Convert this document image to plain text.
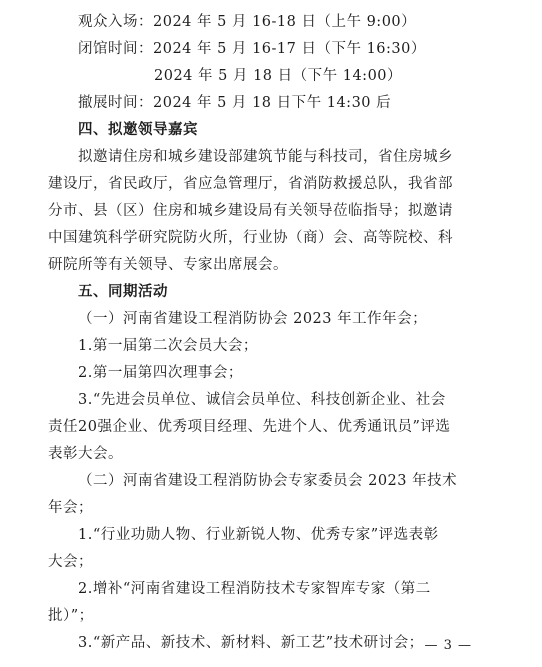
观众入场：2024 年 5 月 16-18 日（上午 9:00）
闭馆时间：2024 年 5 月 16-17 日（下午 16:30）
2024 年 5 月 18 日（下午 14:00）
撤展时间：2024 年 5 月 18 日下午 14:30 后
四、拟邀领导嘉宾
拟邀请住房和城乡建设部建筑节能与科技司，省住房城乡
建设厅，省民政厅，省应急管理厅，省消防救援总队，我省部
分市、县（区）住房和城乡建设局有关领导莅临指导；拟邀请
中国建筑科学研究院防火所，行业协（商）会、高等院校、科
研院所等有关领导、专家出席展会。
五、同期活动
（一）河南省建设工程消防协会 2023 年工作年会；
1.第一届第二次会员大会；
2.第一届第四次理事会；
3.“先进会员单位、诚信会员单位、科技创新企业、社会
责任20强企业、优秀项目经理、先进个人、优秀通讯员”评选
表彰大会。
（二）河南省建设工程消防协会专家委员会 2023 年技术
年会；
1.“行业功勋人物、行业新锐人物、优秀专家”评选表彰
大会；
2.增补“河南省建设工程消防技术专家智库专家（第二
批）”；
3.“新产品、新技术、新材料、新工艺”技术研讨会； — 3 —
